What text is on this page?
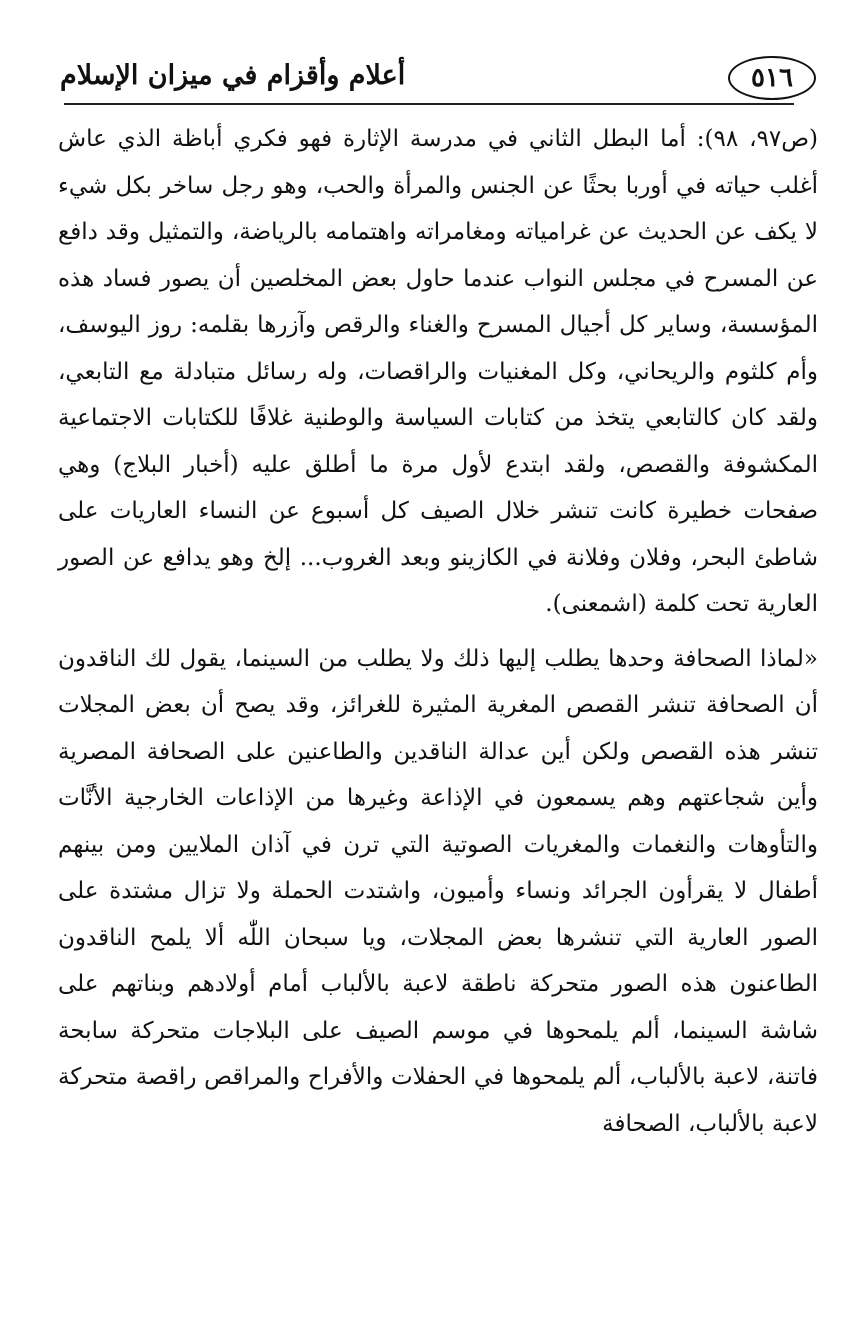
أعلام وأقزام في ميزان الإسلام	٥١٦

(ص٩٧، ٩٨): أما البطل الثاني في مدرسة الإثارة فهو فكري أباظة الذي عاش أغلب حياته في أوربا بحثًا عن الجنس والمرأة والحب، وهو رجل ساخر بكل شيء لا يكف عن الحديث عن غرامياته ومغامراته واهتمامه بالرياضة، والتمثيل وقد دافع عن المسرح في مجلس النواب عندما حاول بعض المخلصين أن يصور فساد هذه المؤسسة، وساير كل أجيال المسرح والغناء والرقص وآزرها بقلمه: روز اليوسف، وأم كلثوم والريحاني، وكل المغنيات والراقصات، وله رسائل متبادلة مع التابعي، ولقد كان كالتابعي يتخذ من كتابات السياسة والوطنية غلافًا للكتابات الاجتماعية المكشوفة والقصص، ولقد ابتدع لأول مرة ما أطلق عليه (أخبار البلاج) وهي صفحات خطيرة كانت تنشر خلال الصيف كل أسبوع عن النساء العاريات على شاطئ البحر، وفلان وفلانة في الكازينو وبعد الغروب... إلخ وهو يدافع عن الصور العارية تحت كلمة (اشمعنى).

«لماذا الصحافة وحدها يطلب إليها ذلك ولا يطلب من السينما، يقول لك الناقدون أن الصحافة تنشر القصص المغرية المثيرة للغرائز، وقد يصح أن بعض المجلات تنشر هذه القصص ولكن أين عدالة الناقدين والطاعنين على الصحافة المصرية وأين شجاعتهم وهم يسمعون في الإذاعة وغيرها من الإذاعات الخارجية الأنَّات والتأوهات والنغمات والمغريات الصوتية التي ترن في آذان الملايين ومن بينهم أطفال لا يقرأون الجرائد ونساء وأميون، واشتدت الحملة ولا تزال مشتدة على الصور العارية التي تنشرها بعض المجلات، ويا سبحان اللّٰه ألا يلمح الناقدون الطاعنون هذه الصور متحركة ناطقة لاعبة بالألباب أمام أولادهم وبناتهم على شاشة السينما، ألم يلمحوها في موسم الصيف على البلاجات متحركة سابحة فاتنة، لاعبة بالألباب، ألم يلمحوها في الحفلات والأفراح والمراقص راقصة متحركة لاعبة بالألباب، الصحافة
